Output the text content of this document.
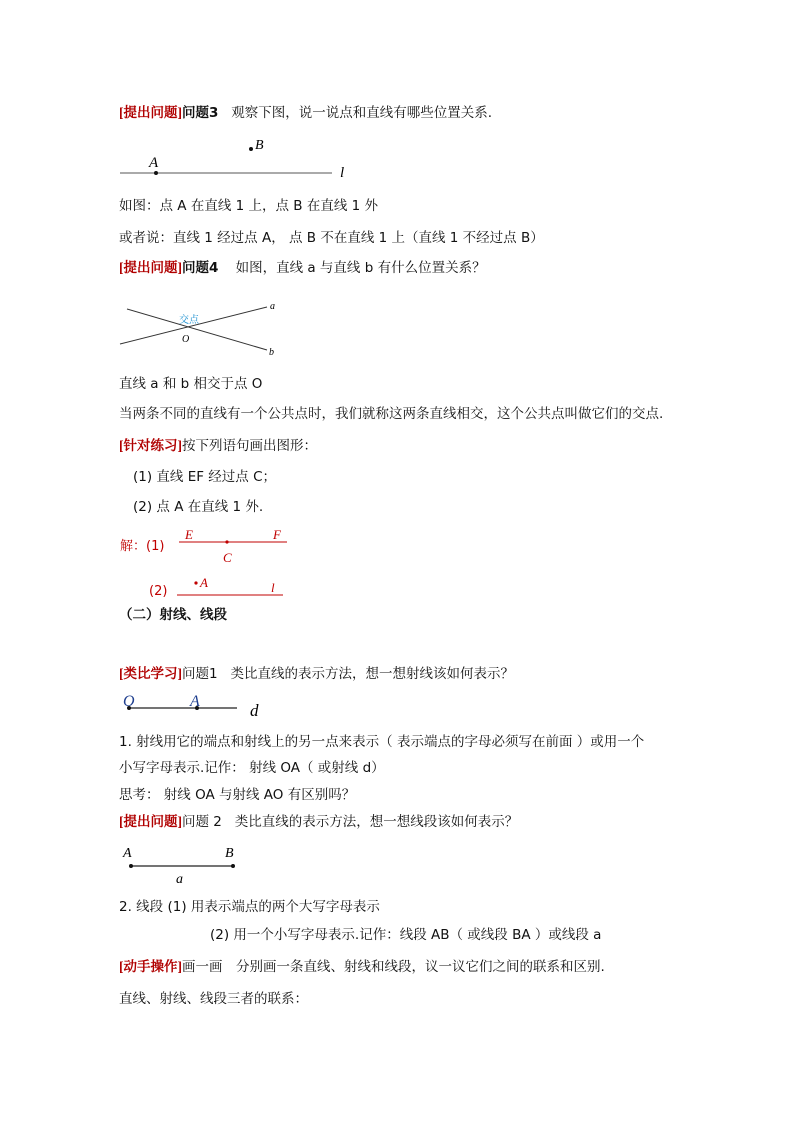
[提出问题]问题3 观察下图，说一说点和直线有哪些位置关系.
A
B
l
如图：点 A 在直线 1 上，点 B 在直线 1 外
或者说：直线 1 经过点 A， 点 B 不在直线 1 上（直线 1 不经过点 B）
[提出问题]问题4 如图，直线 a 与直线 b 有什么位置关系？
a
b
交点
O
直线 a 和 b 相交于点 O
当两条不同的直线有一个公共点时，我们就称这两条直线相交，这个公共点叫做它们的交点.
[针对练习]按下列语句画出图形：
(1) 直线 EF 经过点 C；
(2) 点 A 在直线 1 外.
解：(1)
E	F
C
(2)
A	l
（二）射线、线段
[类比学习]问题1 类比直线的表示方法，想一想射线该如何表示？
O	A	d
1. 射线用它的端点和射线上的另一点来表示（ 表示端点的字母必须写在前面 ）或用一个
小写字母表示.记作： 射线 OA（ 或射线 d）
思考： 射线 OA 与射线 AO 有区别吗？
[提出问题]问题 2 类比直线的表示方法，想一想线段该如何表示？
A	B
a
2. 线段 (1) 用表示端点的两个大写字母表示
(2) 用一个小写字母表示.记作：线段 AB（ 或线段 BA ）或线段 a
[动手操作]画一画　分别画一条直线、射线和线段，议一议它们之间的联系和区别.
直线、射线、线段三者的联系：
